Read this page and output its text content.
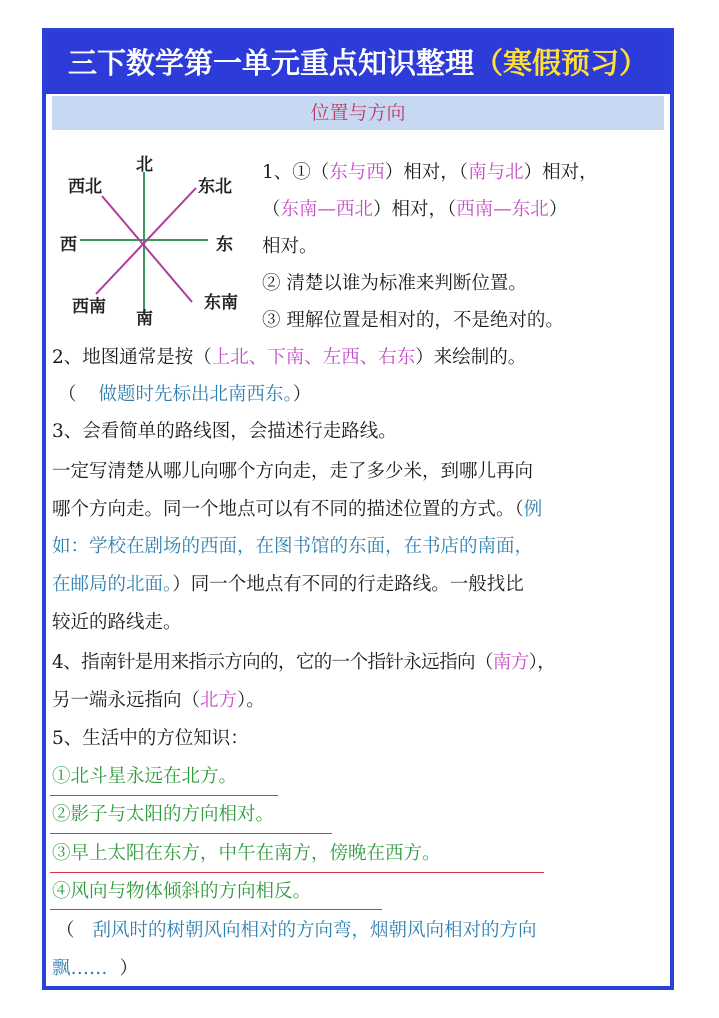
三下数学第一单元重点知识整理（寒假预习）
位置与方向
北
西北	东北
西	东
西南
南
东南
1、①（东与西）相对，（南与北）相对，
（东南—西北）相对，（西南—东北）
相对。
② 清楚以谁为标准来判断位置。
③ 理解位置是相对的，不是绝对的。
2、地图通常是按（上北、下南、左西、右东）来绘制的。
（ 做题时先标出北南西东。）
3、会看简单的路线图，会描述行走路线。
一定写清楚从哪儿向哪个方向走，走了多少米，到哪儿再向
哪个方向走。同一个地点可以有不同的描述位置的方式。（例
如：学校在剧场的西面，在图书馆的东面，在书店的南面，
在邮局的北面。）同一个地点有不同的行走路线。一般找比
较近的路线走。
4、指南针是用来指示方向的，它的一个指针永远指向（南方），
另一端永远指向（北方）。
5、生活中的方位知识：
①北斗星永远在北方。
②影子与太阳的方向相对。
③早上太阳在东方，中午在南方，傍晚在西方。
④风向与物体倾斜的方向相反。
（ 刮风时的树朝风向相对的方向弯，烟朝风向相对的方向
飘…… ）
